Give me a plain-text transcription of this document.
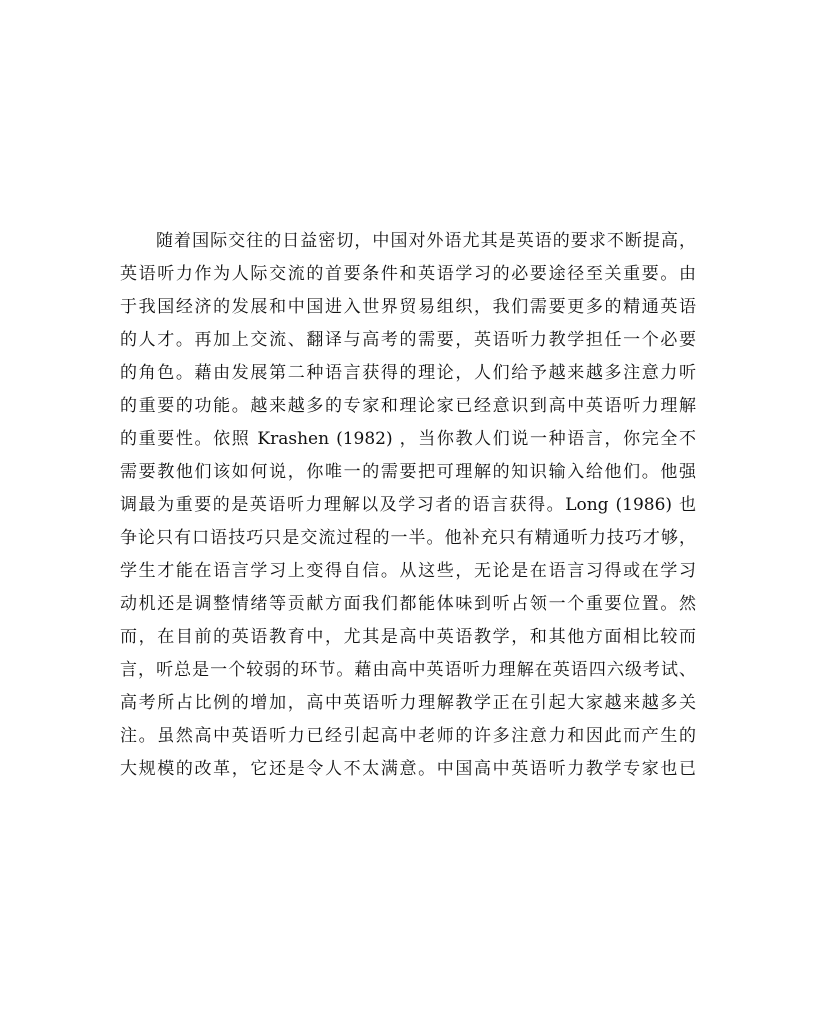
随着国际交往的日益密切，中国对外语尤其是英语的要求不断提高，
英语听力作为人际交流的首要条件和英语学习的必要途径至关重要。由
于我国经济的发展和中国进入世界贸易组织，我们需要更多的精通英语
的人才。再加上交流、翻译与高考的需要，英语听力教学担任一个必要
的角色。藉由发展第二种语言获得的理论，人们给予越来越多注意力听
的重要的功能。越来越多的专家和理论家已经意识到高中英语听力理解
的重要性。依照 Krashen (1982) ，当你教人们说一种语言，你完全不
需要教他们该如何说，你唯一的需要把可理解的知识输入给他们。他强
调最为重要的是英语听力理解以及学习者的语言获得。Long (1986) 也
争论只有口语技巧只是交流过程的一半。他补充只有精通听力技巧才够，
学生才能在语言学习上变得自信。从这些，无论是在语言习得或在学习
动机还是调整情绪等贡献方面我们都能体味到听占领一个重要位置。然
而，在目前的英语教育中，尤其是高中英语教学，和其他方面相比较而
言，听总是一个较弱的环节。藉由高中英语听力理解在英语四六级考试、
高考所占比例的增加，高中英语听力理解教学正在引起大家越来越多关
注。虽然高中英语听力已经引起高中老师的许多注意力和因此而产生的
大规模的改革，它还是令人不太满意。中国高中英语听力教学专家也已
